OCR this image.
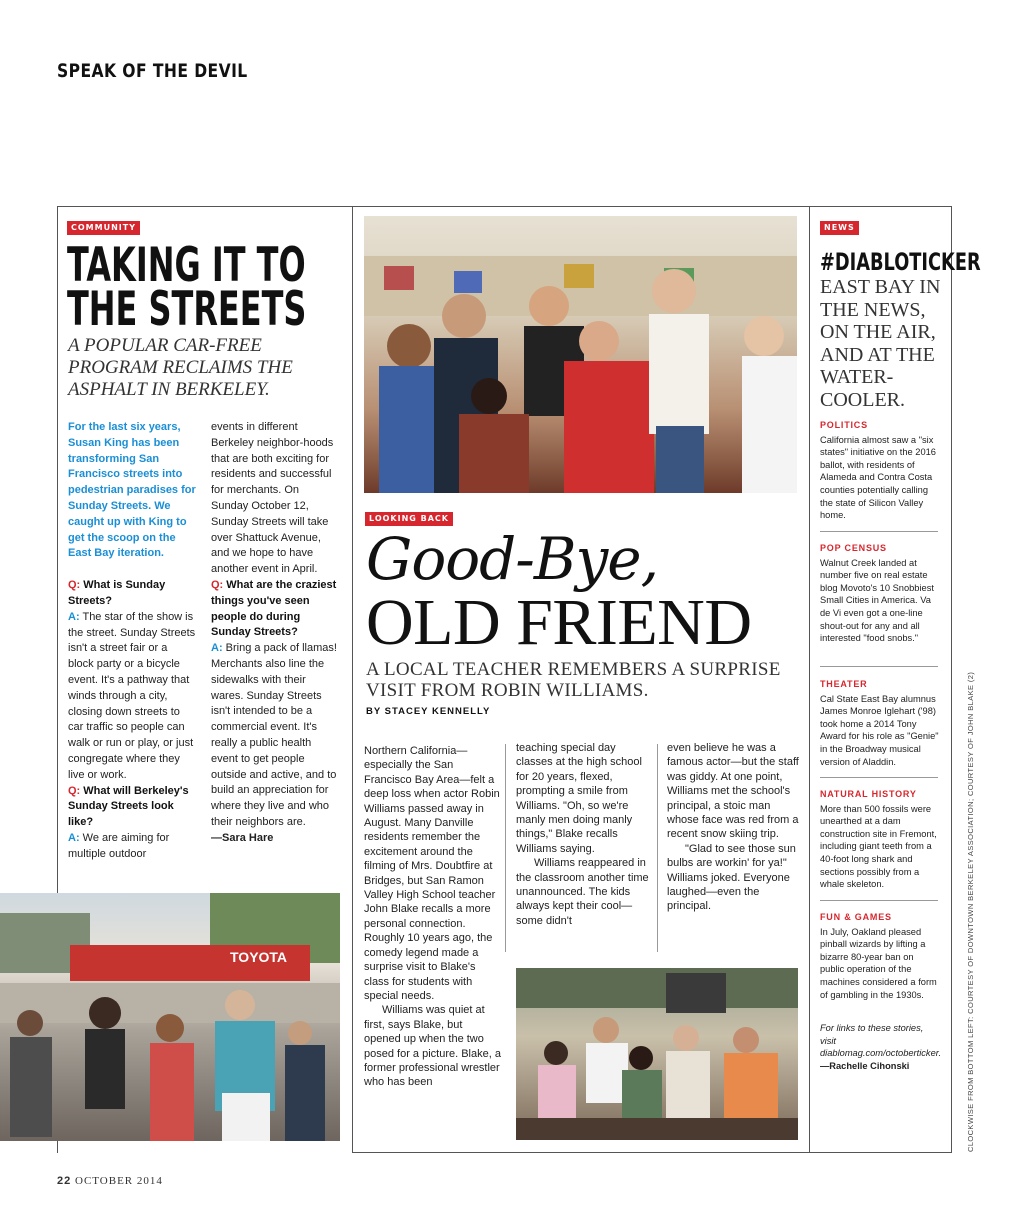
SPEAK OF THE DEVIL
COMMUNITY
TAKING IT TO
THE STREETS
A POPULAR CAR-FREE PROGRAM RECLAIMS THE ASPHALT IN BERKELEY.
For the last six years, Susan King has been transforming San Francisco streets into pedestrian paradises for Sunday Streets. We caught up with King to get the scoop on the East Bay iteration.
Q: What is Sunday Streets?
A: The star of the show is the street. Sunday Streets isn't a street fair or a block party or a bicycle event. It's a pathway that winds through a city, closing down streets to car traffic so people can walk or run or play, or just congregate where they live or work.
Q: What will Berkeley's Sunday Streets look like?
A: We are aiming for multiple outdoor
events in different Berkeley neighbor-hoods that are both exciting for residents and successful for merchants. On Sunday October 12, Sunday Streets will take over Shattuck Avenue, and we hope to have another event in April.
Q: What are the craziest things you've seen people do during Sunday Streets?
A: Bring a pack of llamas! Merchants also line the sidewalks with their wares. Sunday Streets isn't intended to be a commercial event. It's really a public health event to get people outside and active, and to build an appreciation for where they live and who their neighbors are.
—Sara Hare
TOYOTA
LOOKING BACK
Good-Bye,
OLD FRIEND
A LOCAL TEACHER REMEMBERS A SURPRISE VISIT FROM ROBIN WILLIAMS.
BY STACEY KENNELLY
Northern California—especially the San Francisco Bay Area—felt a deep loss when actor Robin Williams passed away in August. Many Danville residents remember the excitement around the filming of Mrs. Doubtfire at Bridges, but San Ramon Valley High School teacher John Blake recalls a more personal connection. Roughly 10 years ago, the comedy legend made a surprise visit to Blake's class for students with special needs.
Williams was quiet at first, says Blake, but opened up when the two posed for a picture. Blake, a former professional wrestler who has been
teaching special day classes at the high school for 20 years, flexed, prompting a smile from Williams. "Oh, so we're manly men doing manly things," Blake recalls Williams saying.
Williams reappeared in the classroom another time unannounced. The kids always kept their cool—some didn't
even believe he was a famous actor—but the staff was giddy. At one point, Williams met the school's principal, a stoic man whose face was red from a recent snow skiing trip.
"Glad to see those sun bulbs are workin' for ya!" Williams joked. Everyone laughed—even the principal.
NEWS
#DIABLOTICKER
EAST BAY IN THE NEWS, ON THE AIR, AND AT THE WATER-COOLER.
POLITICS
California almost saw a "six states" initiative on the 2016 ballot, with residents of Alameda and Contra Costa counties potentially calling the state of Silicon Valley home.
POP CENSUS
Walnut Creek landed at number five on real estate blog Movoto's 10 Snobbiest Small Cities in America. Va de Vi even got a one-line shout-out for any and all interested "food snobs."
THEATER
Cal State East Bay alumnus James Monroe Iglehart ('98) took home a 2014 Tony Award for his role as "Genie" in the Broadway musical version of Aladdin.
NATURAL HISTORY
More than 500 fossils were unearthed at a dam construction site in Fremont, including giant teeth from a 40-foot long shark and sections possibly from a whale skeleton.
FUN & GAMES
In July, Oakland pleased pinball wizards by lifting a bizarre 80-year ban on public operation of the machines considered a form of gambling in the 1930s.
For links to these stories, visit diablomag.com/octoberticker.
—Rachelle Cihonski
22 OCTOBER 2014
CLOCKWISE FROM BOTTOM LEFT: COURTESY OF DOWNTOWN BERKELEY ASSOCIATION; COURTESY OF JOHN BLAKE (2)
